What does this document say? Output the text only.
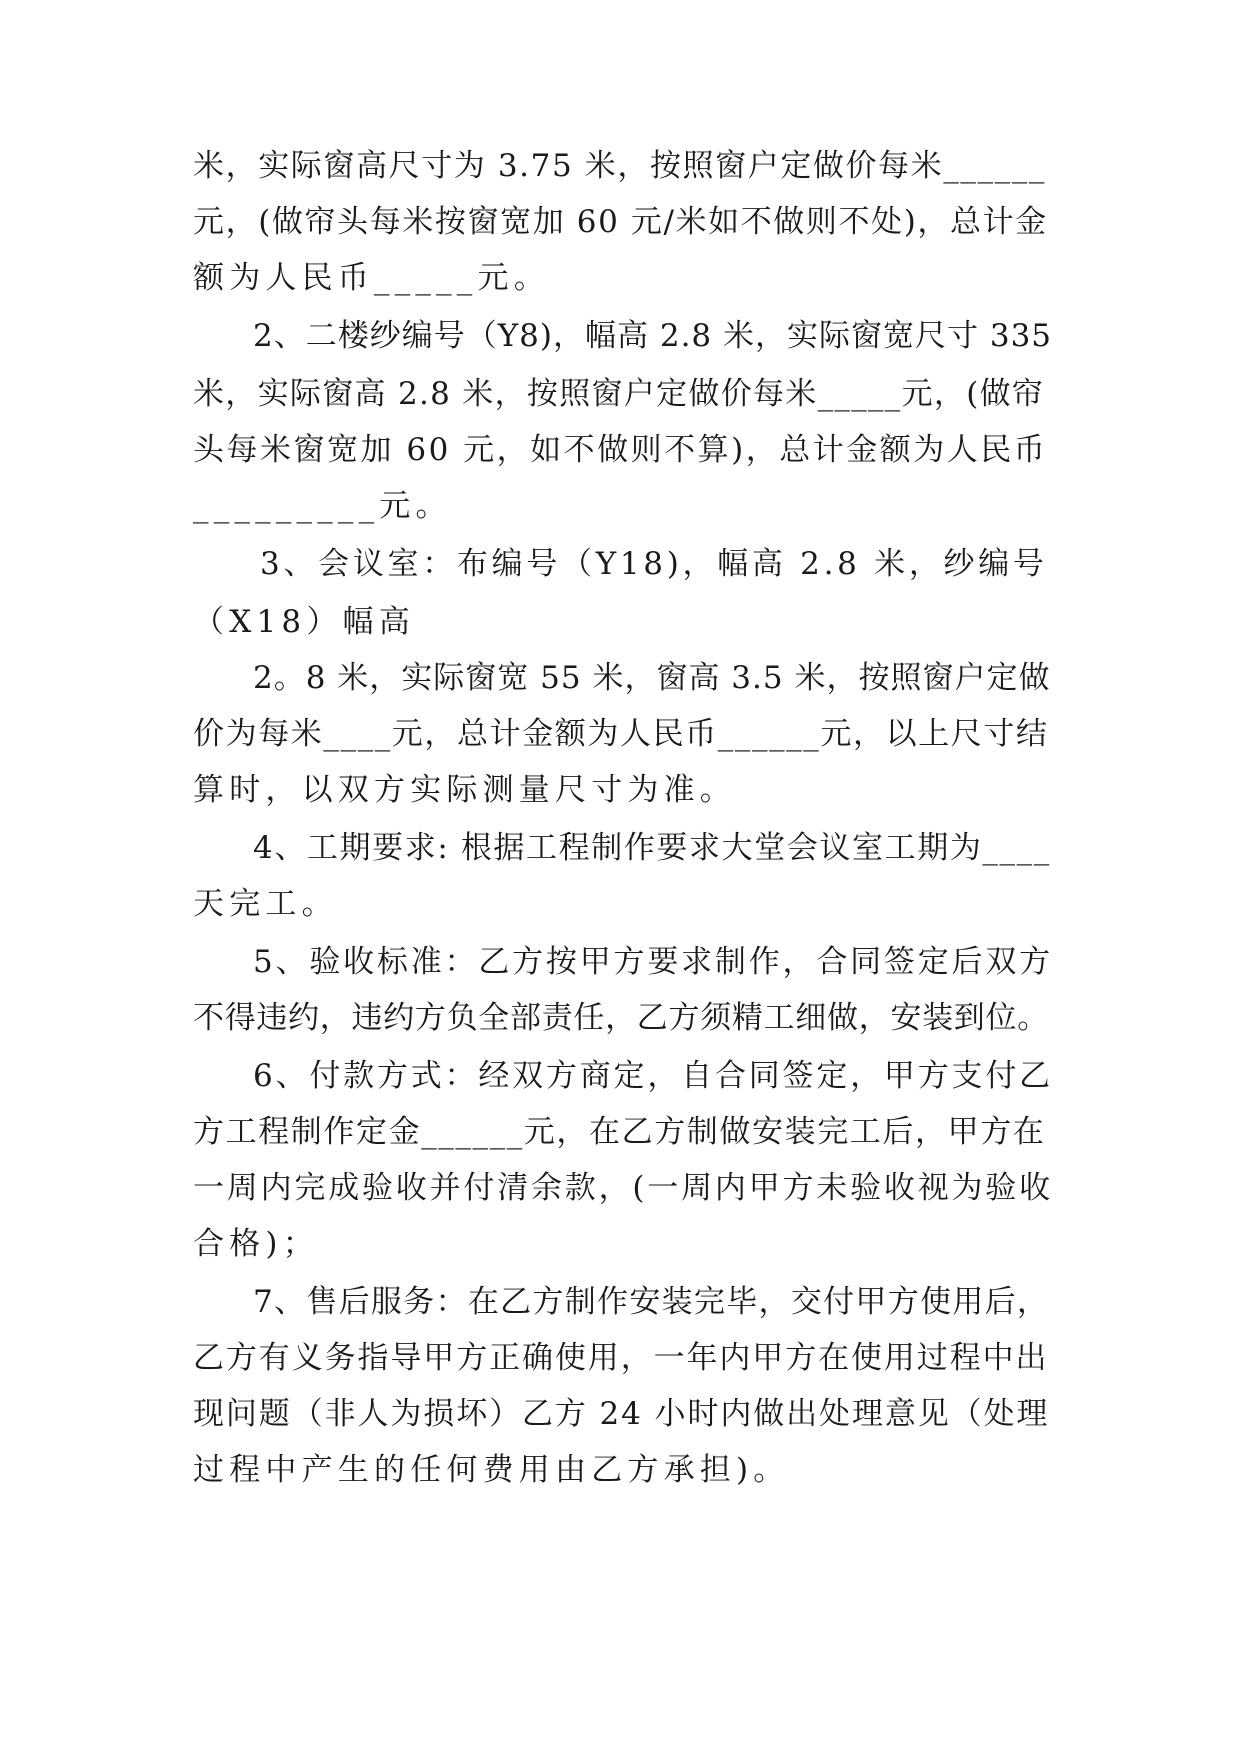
米，实际窗高尺寸为 3.75 米，按照窗户定做价每米______
元，(做帘头每米按窗宽加 60 元/米如不做则不处)，总计金
额为人民币_____元。
2、二楼纱编号（Y8)，幅高 2.8 米，实际窗宽尺寸 335
米，实际窗高 2.8 米，按照窗户定做价每米_____元，(做帘
头每米窗宽加 60 元，如不做则不算)，总计金额为人民币
_________元。
3、会议室：布编号（Y18)，幅高 2.8 米，纱编号
（X18）幅高
2。8 米，实际窗宽 55 米，窗高 3.5 米，按照窗户定做
价为每米____元，总计金额为人民币______元，以上尺寸结
算时，以双方实际测量尺寸为准。
4、工期要求: 根据工程制作要求大堂会议室工期为____
天完工。
5、验收标准：乙方按甲方要求制作，合同签定后双方
不得违约，违约方负全部责任，乙方须精工细做，安装到位。
6、付款方式：经双方商定，自合同签定，甲方支付乙
方工程制作定金______元，在乙方制做安装完工后，甲方在
一周内完成验收并付清余款，(一周内甲方未验收视为验收
合格)；
7、售后服务：在乙方制作安装完毕，交付甲方使用后，
乙方有义务指导甲方正确使用，一年内甲方在使用过程中出
现问题（非人为损坏）乙方 24 小时内做出处理意见（处理
过程中产生的任何费用由乙方承担)。
